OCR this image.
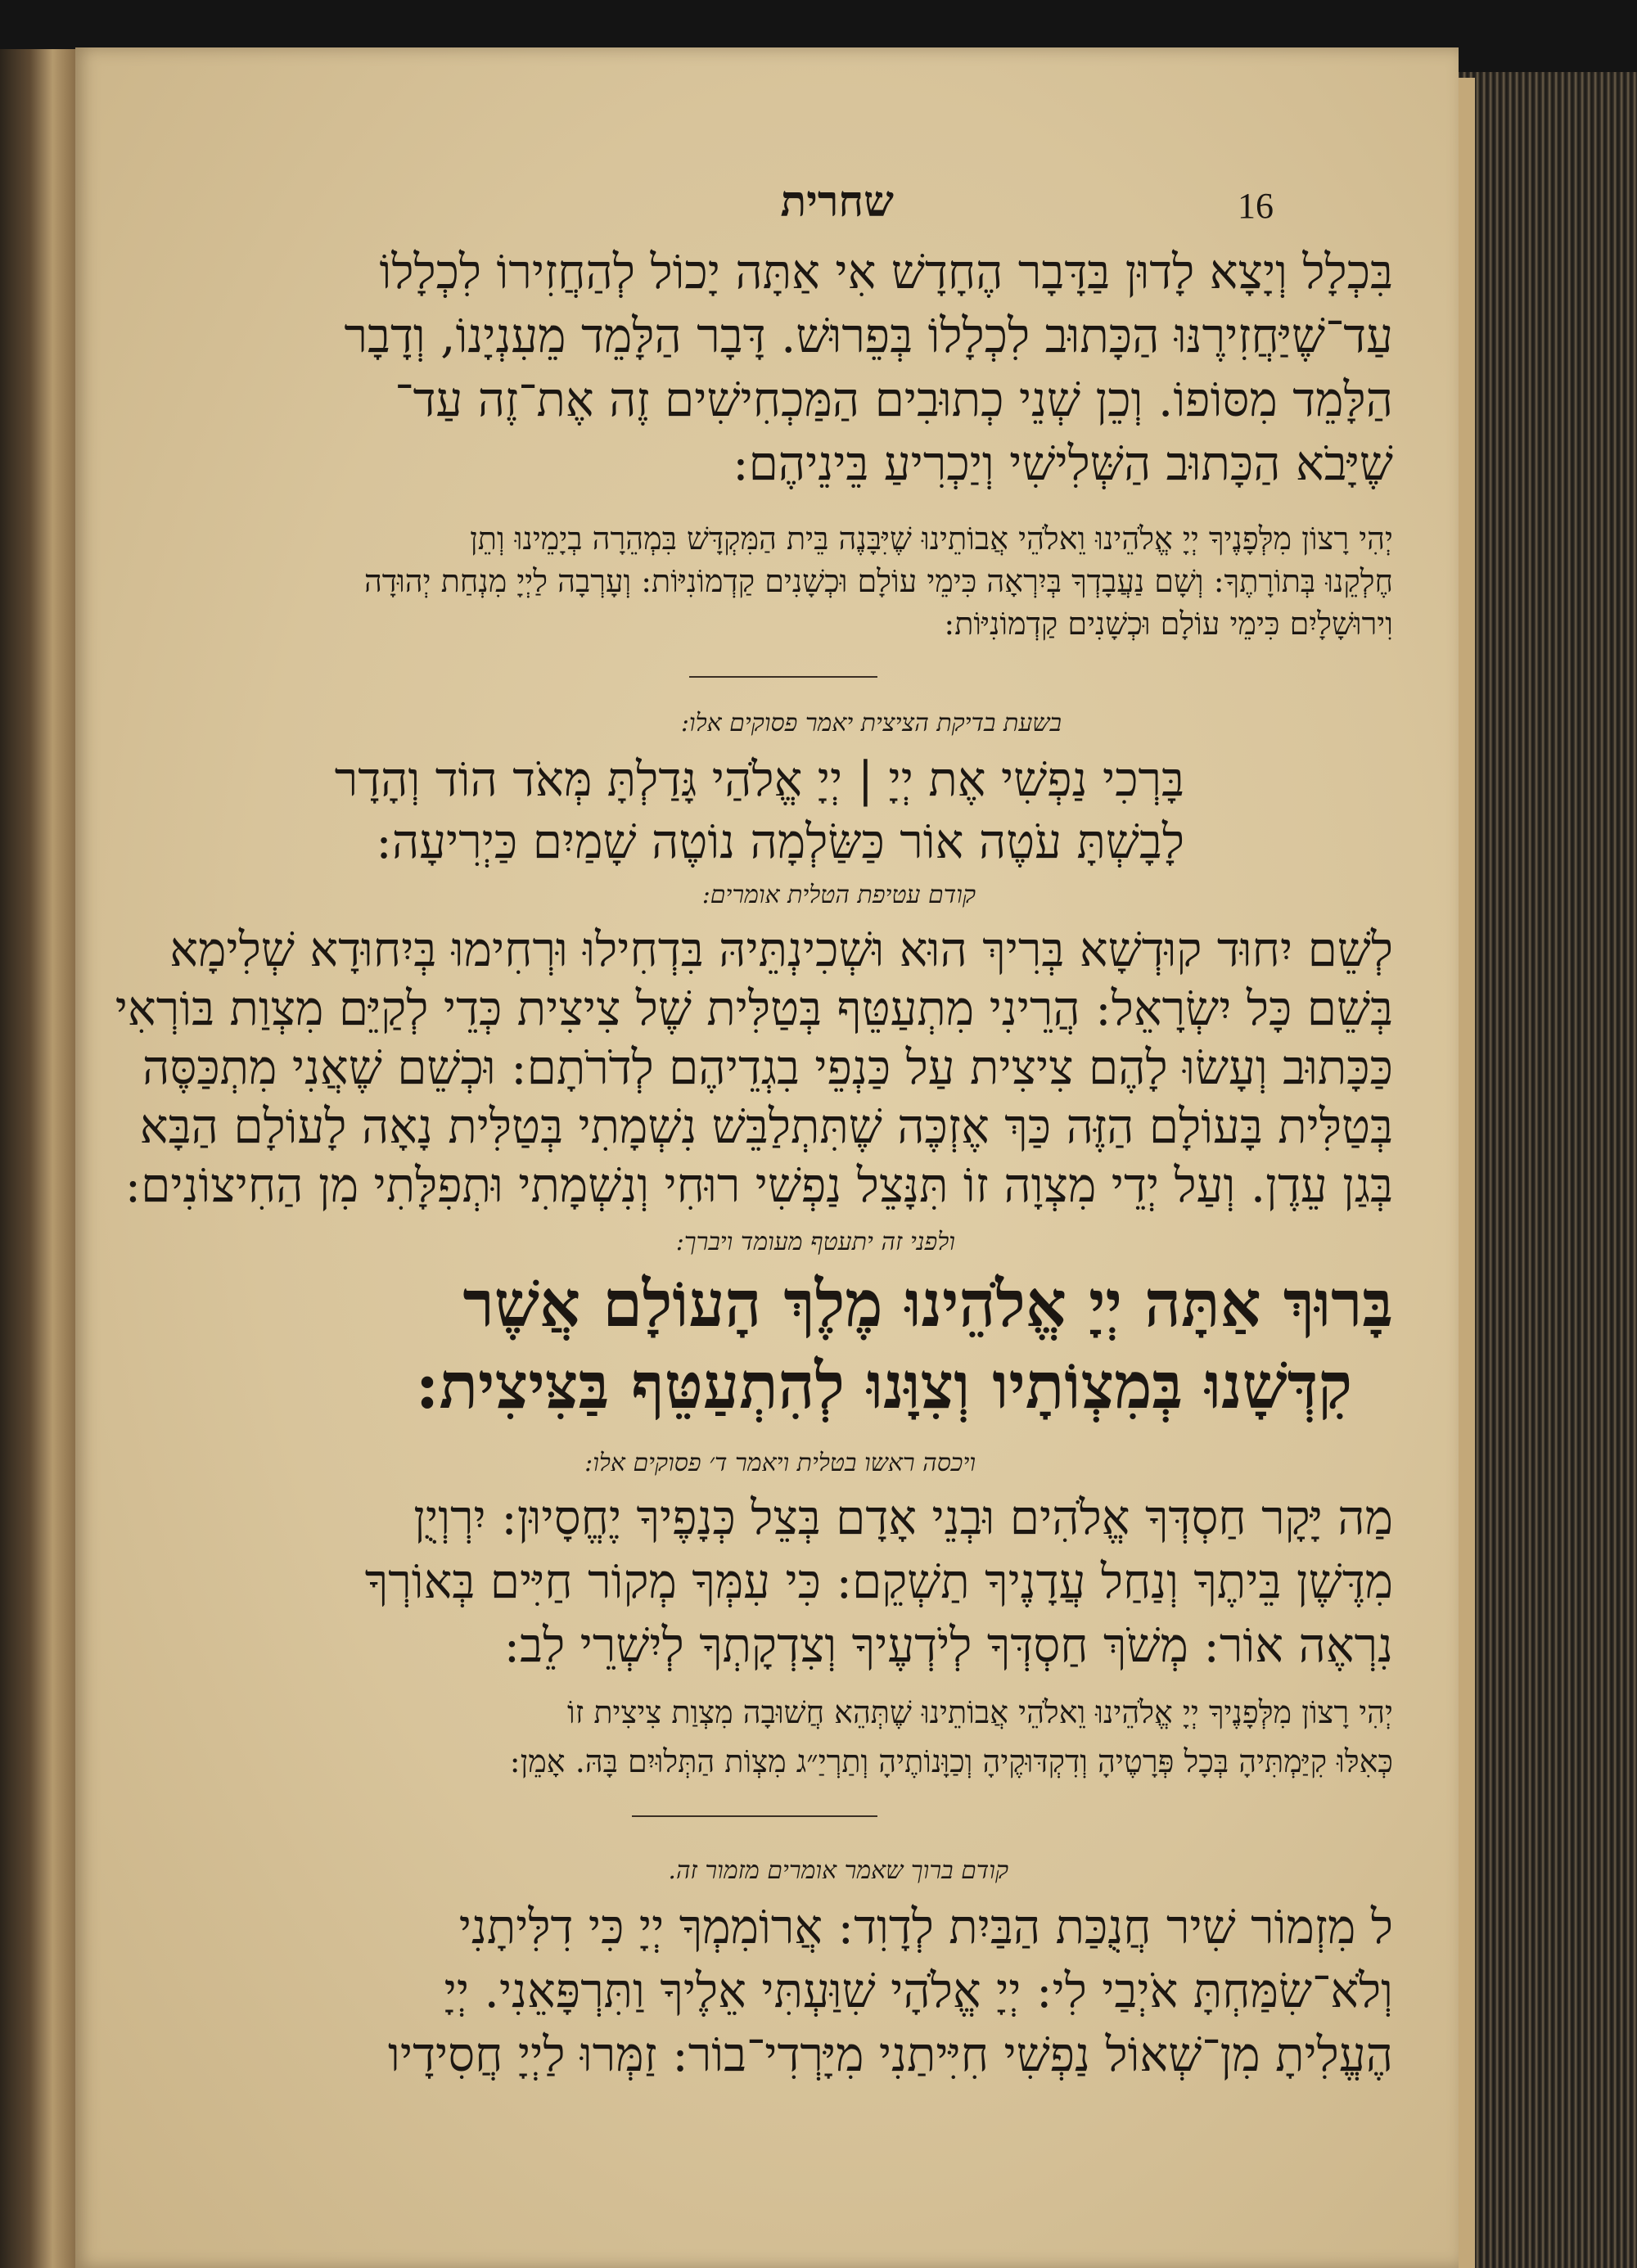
16
שחרית
בִּכְלָל וְיָצָא לָדוּן בַּדָּבָר הֶחָדָשׁ אִי אַתָּה יָכוֹל לְהַחֲזִירוֹ לִכְלָלוֹ
עַד־שֶׁיַּחֲזִירֶנּוּ הַכָּתוּב לִכְלָלוֹ בְּפֵרוּשׁ. דָּבָר הַלָּמֵד מֵעִנְיָנוֹ, וְדָבָר
הַלָּמֵד מִסּוֹפוֹ. וְכֵן שְׁנֵי כְתוּבִים הַמַּכְחִישִׁים זֶה אֶת־זֶה עַד־
שֶׁיָּבֹא הַכָּתוּב הַשְּׁלִישִׁי וְיַכְרִיעַ בֵּינֵיהֶם:
יְהִי רָצוֹן מִלְּפָנֶיךָ יְיָ אֱלֹהֵינוּ וֵאלֹהֵי אֲבוֹתֵינוּ שֶׁיִּבָּנֶה בֵּית הַמִּקְדָּשׁ בִּמְהֵרָה בְיָמֵינוּ וְתֵן
חֶלְקֵנוּ בְּתוֹרָתֶךָ: וְשָׁם נַעֲבָדְךָ בְּיִרְאָה כִּימֵי עוֹלָם וּכְשָׁנִים קַדְמוֹנִיּוֹת: וְעָרְבָה לַיְיָ מִנְחַת יְהוּדָה
וִירוּשָׁלָיִם כִּימֵי עוֹלָם וּכְשָׁנִים קַדְמוֹנִיּוֹת:
בשעת בדיקת הציצית יאמר פסוקים אלו:
בָּרְכִי נַפְשִׁי אֶת יְיָ | יְיָ אֱלֹהַי גָּדַלְתָּ מְּאֹד הוֹד וְהָדָר
לָבָשְׁתָּ עֹטֶה אוֹר כַּשַּׂלְמָה נוֹטֶה שָׁמַיִם כַּיְרִיעָה:
קודם עטיפת הטלית אומרים:
לְשֵׁם יִחוּד קוּדְשָׁא בְּרִיךְ הוּא וּשְׁכִינְתֵּיהּ בִּדְחִילוּ וּרְחִימוּ בְּיִחוּדָא שְׁלִימָא
בְּשֵׁם כָּל יִשְׂרָאֵל: הֲרֵינִי מִתְעַטֵּף בְּטַלִּית שֶׁל צִיצִית כְּדֵי לְקַיֵּם מִצְוַת בּוֹרְאִי
כַּכָּתוּב וְעָשׂוּ לָהֶם צִיצִית עַל כַּנְפֵי בִגְדֵיהֶם לְדֹרֹתָם: וּכְשֵׁם שֶׁאֲנִי מִתְכַּסֶּה
בְּטַלִּית בָּעוֹלָם הַזֶּה כַּךְ אֶזְכֶּה שֶׁתִּתְלַבֵּשׁ נִשְׁמָתִי בְּטַלִּית נָאָה לָעוֹלָם הַבָּא
בְּגַן עֵדֶן. וְעַל יְדֵי מִצְוָה זוֹ תִּנָּצֵל נַפְשִׁי רוּחִי וְנִשְׁמָתִי וּתְפִלָּתִי מִן הַחִיצוֹנִים:
ולפני זה יתעטף מעומד ויברך:
בָּרוּךְ אַתָּה יְיָ אֱלֹהֵינוּ מֶלֶךְ הָעוֹלָם אֲשֶׁר
קִדְּשָׁנוּ בְּמִצְוֹתָיו וְצִוָּנוּ לְהִתְעַטֵּף בַּצִּיצִית:
ויכסה ראשו בטלית ויאמר ד׳ פסוקים אלו:
מַה יָּקָר חַסְדְּךָ אֱלֹהִים וּבְנֵי אָדָם בְּצֵל כְּנָפֶיךָ יֶחֱסָיוּן: יִרְוְיֻן
מִדֶּשֶׁן בֵּיתֶךָ וְנַחַל עֲדָנֶיךָ תַשְׁקֵם: כִּי עִמְּךָ מְקוֹר חַיִּים בְּאוֹרְךָ
נִרְאֶה אוֹר: מְשֹׁךְ חַסְדְּךָ לְיֹדְעֶיךָ וְצִדְקָתְךָ לְיִשְׁרֵי לֵב:
יְהִי רָצוֹן מִלְּפָנֶיךָ יְיָ אֱלֹהֵינוּ וֵאלֹהֵי אֲבוֹתֵינוּ שֶׁתְּהֵא חֲשׁוּבָה מִצְוַת צִיצִית זוֹ
כְּאִלּוּ קִיַּמְתִּיהָ בְּכָל פְּרָטֶיהָ וְדִקְדּוּקֶיהָ וְכַוָּנוֹתֶיהָ וְתַרְיַ״ג מִצְוֹת הַתְּלוּיִם בָּהּ. אָמֵן:
קודם ברוך שאמר אומרים מזמור זה.
ל מִזְמוֹר שִׁיר חֲנֻכַּת הַבַּיִת לְדָוִד: אֲרוֹמִמְךָ יְיָ כִּי דִלִּיתָנִי
וְלֹא־שִׂמַּחְתָּ אֹיְבַי לִי: יְיָ אֱלֹהָי שִׁוַּעְתִּי אֵלֶיךָ וַתִּרְפָּאֵנִי. יְיָ
הֶעֱלִיתָ מִן־שְׁאוֹל נַפְשִׁי חִיִּיתַנִי מִיָּרְדִי־בוֹר: זַמְּרוּ לַיְיָ חֲסִידָיו
